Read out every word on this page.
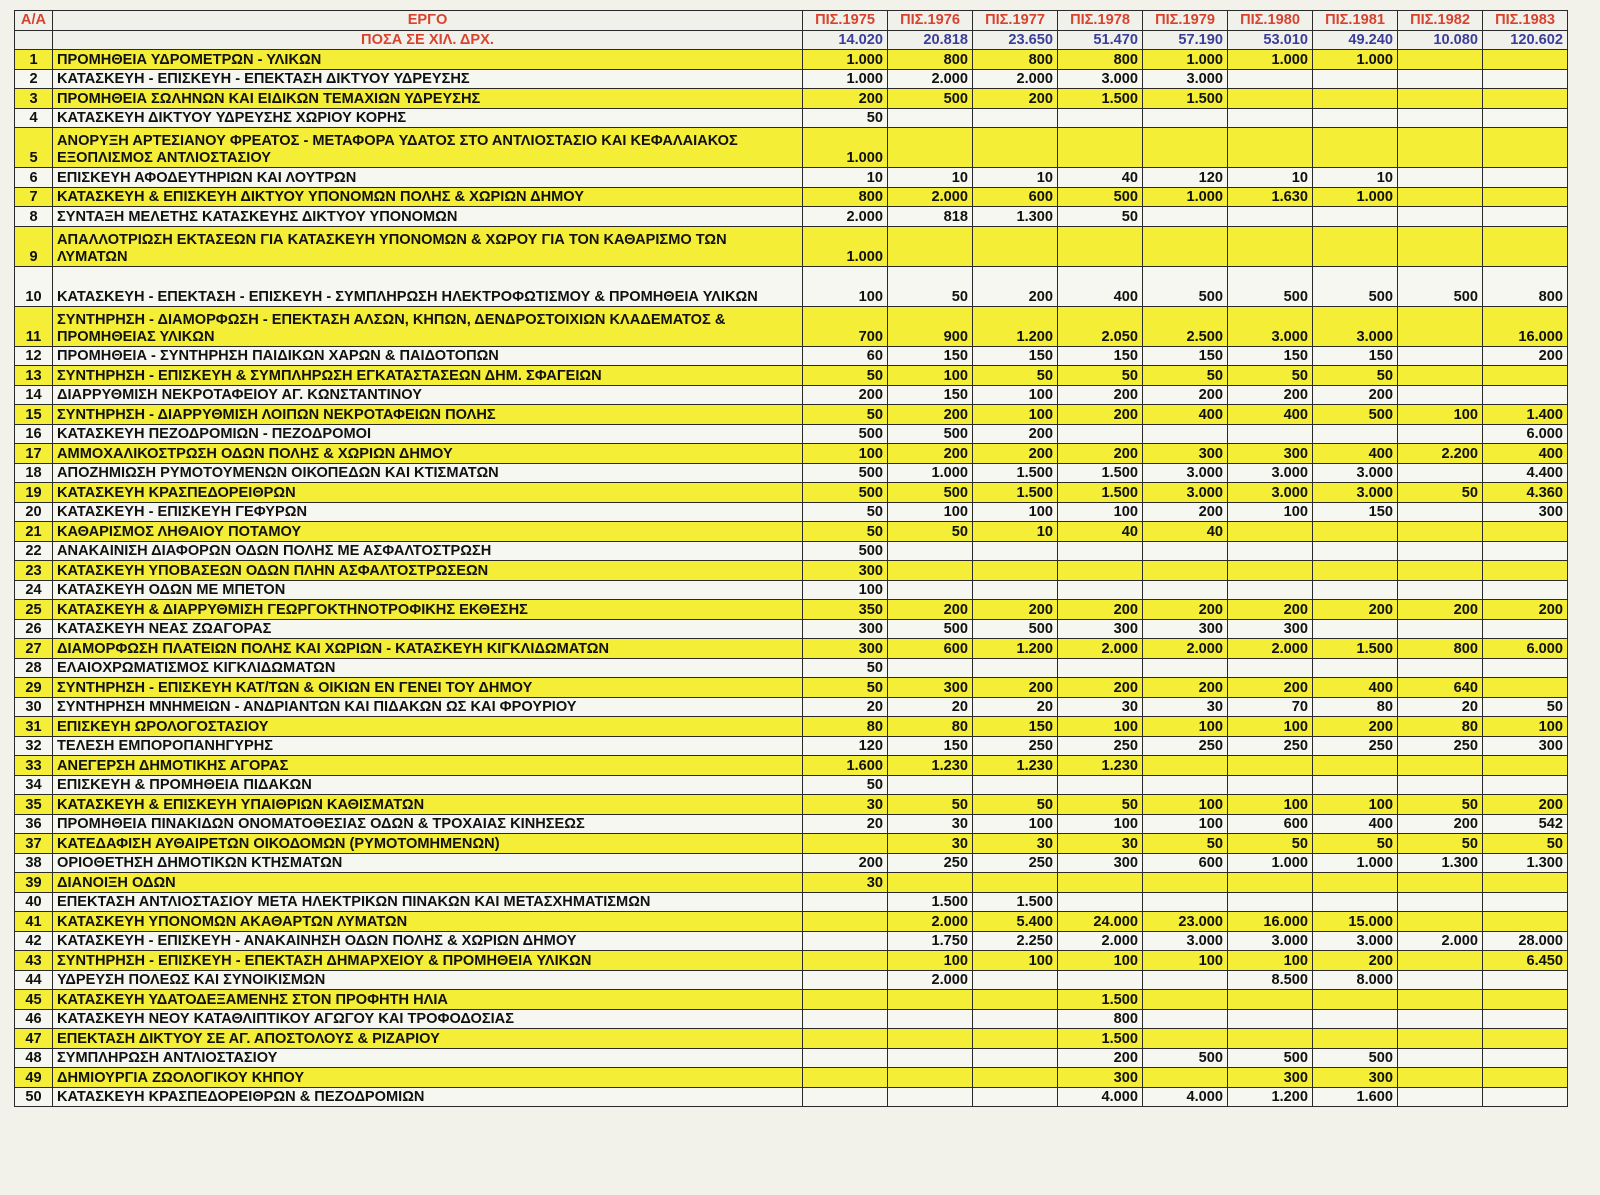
Α/Α	ΕΡΓΟ	ΠΙΣ.1975	ΠΙΣ.1976	ΠΙΣ.1977	ΠΙΣ.1978	ΠΙΣ.1979	ΠΙΣ.1980	ΠΙΣ.1981	ΠΙΣ.1982	ΠΙΣ.1983
	ΠΟΣΑ ΣΕ ΧΙΛ. ΔΡΧ.	14.020	20.818	23.650	51.470	57.190	53.010	49.240	10.080	120.602
1	ΠΡΟΜΗΘΕΙΑ ΥΔΡΟΜΕΤΡΩΝ - ΥΛΙΚΩΝ	1.000	800	800	800	1.000	1.000	1.000		
2	ΚΑΤΑΣΚΕΥΗ - ΕΠΙΣΚΕΥΗ - ΕΠΕΚΤΑΣΗ ΔΙΚΤΥΟΥ ΥΔΡΕΥΣΗΣ	1.000	2.000	2.000	3.000	3.000				
3	ΠΡΟΜΗΘΕΙΑ ΣΩΛΗΝΩΝ ΚΑΙ ΕΙΔΙΚΩΝ ΤΕΜΑΧΙΩΝ ΥΔΡΕΥΣΗΣ	200	500	200	1.500	1.500				
4	ΚΑΤΑΣΚΕΥΗ ΔΙΚΤΥΟΥ ΥΔΡΕΥΣΗΣ ΧΩΡΙΟΥ ΚΟΡΗΣ	50								
5	ΑΝΟΡΥΞΗ ΑΡΤΕΣΙΑΝΟΥ ΦΡΕΑΤΟΣ - ΜΕΤΑΦΟΡΑ ΥΔΑΤΟΣ ΣΤΟ ΑΝΤΛΙΟΣΤΑΣΙΟ ΚΑΙ ΚΕΦΑΛΑΙΑΚΟΣ ΕΞΟΠΛΙΣΜΟΣ ΑΝΤΛΙΟΣΤΑΣΙΟΥ	1.000								
6	ΕΠΙΣΚΕΥΗ ΑΦΟΔΕΥΤΗΡΙΩΝ ΚΑΙ ΛΟΥΤΡΩΝ	10	10	10	40	120	10	10		
7	ΚΑΤΑΣΚΕΥΗ & ΕΠΙΣΚΕΥΗ ΔΙΚΤΥΟΥ ΥΠΟΝΟΜΩΝ ΠΟΛΗΣ & ΧΩΡΙΩΝ ΔΗΜΟΥ	800	2.000	600	500	1.000	1.630	1.000		
8	ΣΥΝΤΑΞΗ ΜΕΛΕΤΗΣ ΚΑΤΑΣΚΕΥΗΣ ΔΙΚΤΥΟΥ ΥΠΟΝΟΜΩΝ	2.000	818	1.300	50					
9	ΑΠΑΛΛΟΤΡΙΩΣΗ ΕΚΤΑΣΕΩΝ ΓΙΑ ΚΑΤΑΣΚΕΥΗ ΥΠΟΝΟΜΩΝ & ΧΩΡΟΥ ΓΙΑ ΤΟΝ ΚΑΘΑΡΙΣΜΟ ΤΩΝ ΛΥΜΑΤΩΝ	1.000								
10	ΚΑΤΑΣΚΕΥΗ - ΕΠΕΚΤΑΣΗ - ΕΠΙΣΚΕΥΗ - ΣΥΜΠΛΗΡΩΣΗ ΗΛΕΚΤΡΟΦΩΤΙΣΜΟΥ & ΠΡΟΜΗΘΕΙΑ ΥΛΙΚΩΝ	100	50	200	400	500	500	500	500	800
11	ΣΥΝΤΗΡΗΣΗ - ΔΙΑΜΟΡΦΩΣΗ - ΕΠΕΚΤΑΣΗ ΑΛΣΩΝ, ΚΗΠΩΝ, ΔΕΝΔΡΟΣΤΟΙΧΙΩΝ ΚΛΑΔΕΜΑΤΟΣ & ΠΡΟΜΗΘΕΙΑΣ ΥΛΙΚΩΝ	700	900	1.200	2.050	2.500	3.000	3.000		16.000
12	ΠΡΟΜΗΘΕΙΑ - ΣΥΝΤΗΡΗΣΗ ΠΑΙΔΙΚΩΝ ΧΑΡΩΝ & ΠΑΙΔΟΤΟΠΩΝ	60	150	150	150	150	150	150		200
13	ΣΥΝΤΗΡΗΣΗ - ΕΠΙΣΚΕΥΗ & ΣΥΜΠΛΗΡΩΣΗ ΕΓΚΑΤΑΣΤΑΣΕΩΝ ΔΗΜ. ΣΦΑΓΕΙΩΝ	50	100	50	50	50	50	50		
14	ΔΙΑΡΡΥΘΜΙΣΗ ΝΕΚΡΟΤΑΦΕΙΟΥ ΑΓ. ΚΩΝΣΤΑΝΤΙΝΟΥ	200	150	100	200	200	200	200		
15	ΣΥΝΤΗΡΗΣΗ - ΔΙΑΡΡΥΘΜΙΣΗ ΛΟΙΠΩΝ ΝΕΚΡΟΤΑΦΕΙΩΝ ΠΟΛΗΣ	50	200	100	200	400	400	500	100	1.400
16	ΚΑΤΑΣΚΕΥΗ ΠΕΖΟΔΡΟΜΙΩΝ - ΠΕΖΟΔΡΟΜΟΙ	500	500	200						6.000
17	ΑΜΜΟΧΑΛΙΚΟΣΤΡΩΣΗ ΟΔΩΝ ΠΟΛΗΣ & ΧΩΡΙΩΝ ΔΗΜΟΥ	100	200	200	200	300	300	400	2.200	400
18	ΑΠΟΖΗΜΙΩΣΗ ΡΥΜΟΤΟΥΜΕΝΩΝ ΟΙΚΟΠΕΔΩΝ ΚΑΙ ΚΤΙΣΜΑΤΩΝ	500	1.000	1.500	1.500	3.000	3.000	3.000		4.400
19	ΚΑΤΑΣΚΕΥΗ ΚΡΑΣΠΕΔΟΡΕΙΘΡΩΝ	500	500	1.500	1.500	3.000	3.000	3.000	50	4.360
20	ΚΑΤΑΣΚΕΥΗ - ΕΠΙΣΚΕΥΗ ΓΕΦΥΡΩΝ	50	100	100	100	200	100	150		300
21	ΚΑΘΑΡΙΣΜΟΣ ΛΗΘΑΙΟΥ ΠΟΤΑΜΟΥ	50	50	10	40	40				
22	ΑΝΑΚΑΙΝΙΣΗ ΔΙΑΦΟΡΩΝ ΟΔΩΝ ΠΟΛΗΣ ΜΕ ΑΣΦΑΛΤΟΣΤΡΩΣΗ	500								
23	ΚΑΤΑΣΚΕΥΗ ΥΠΟΒΑΣΕΩΝ ΟΔΩΝ ΠΛΗΝ ΑΣΦΑΛΤΟΣΤΡΩΣΕΩΝ	300								
24	ΚΑΤΑΣΚΕΥΗ ΟΔΩΝ ΜΕ ΜΠΕΤΟΝ	100								
25	ΚΑΤΑΣΚΕΥΗ & ΔΙΑΡΡΥΘΜΙΣΗ ΓΕΩΡΓΟΚΤΗΝΟΤΡΟΦΙΚΗΣ ΕΚΘΕΣΗΣ	350	200	200	200	200	200	200	200	200
26	ΚΑΤΑΣΚΕΥΗ ΝΕΑΣ ΖΩΑΓΟΡΑΣ	300	500	500	300	300	300			
27	ΔΙΑΜΟΡΦΩΣΗ ΠΛΑΤΕΙΩΝ ΠΟΛΗΣ ΚΑΙ ΧΩΡΙΩΝ - ΚΑΤΑΣΚΕΥΗ ΚΙΓΚΛΙΔΩΜΑΤΩΝ	300	600	1.200	2.000	2.000	2.000	1.500	800	6.000
28	ΕΛΑΙΟΧΡΩΜΑΤΙΣΜΟΣ ΚΙΓΚΛΙΔΩΜΑΤΩΝ	50								
29	ΣΥΝΤΗΡΗΣΗ - ΕΠΙΣΚΕΥΗ ΚΑΤ/ΤΩΝ & ΟΙΚΙΩΝ ΕΝ ΓΕΝΕΙ ΤΟΥ ΔΗΜΟΥ	50	300	200	200	200	200	400	640	
30	ΣΥΝΤΗΡΗΣΗ ΜΝΗΜΕΙΩΝ - ΑΝΔΡΙΑΝΤΩΝ ΚΑΙ ΠΙΔΑΚΩΝ ΩΣ ΚΑΙ ΦΡΟΥΡΙΟΥ	20	20	20	30	30	70	80	20	50
31	ΕΠΙΣΚΕΥΗ ΩΡΟΛΟΓΟΣΤΑΣΙΟΥ	80	80	150	100	100	100	200	80	100
32	ΤΕΛΕΣΗ ΕΜΠΟΡΟΠΑΝΗΓΥΡΗΣ	120	150	250	250	250	250	250	250	300
33	ΑΝΕΓΕΡΣΗ ΔΗΜΟΤΙΚΗΣ ΑΓΟΡΑΣ	1.600	1.230	1.230	1.230					
34	ΕΠΙΣΚΕΥΗ & ΠΡΟΜΗΘΕΙΑ ΠΙΔΑΚΩΝ	50								
35	ΚΑΤΑΣΚΕΥΗ & ΕΠΙΣΚΕΥΗ ΥΠΑΙΘΡΙΩΝ ΚΑΘΙΣΜΑΤΩΝ	30	50	50	50	100	100	100	50	200
36	ΠΡΟΜΗΘΕΙΑ ΠΙΝΑΚΙΔΩΝ ΟΝΟΜΑΤΟΘΕΣΙΑΣ ΟΔΩΝ & ΤΡΟΧΑΙΑΣ ΚΙΝΗΣΕΩΣ	20	30	100	100	100	600	400	200	542
37	ΚΑΤΕΔΑΦΙΣΗ ΑΥΘΑΙΡΕΤΩΝ ΟΙΚΟΔΟΜΩΝ (ΡΥΜΟΤΟΜΗΜΕΝΩΝ)		30	30	30	50	50	50	50	50
38	ΟΡΙΟΘΕΤΗΣΗ ΔΗΜΟΤΙΚΩΝ ΚΤΗΣΜΑΤΩΝ	200	250	250	300	600	1.000	1.000	1.300	1.300
39	ΔΙΑΝΟΙΞΗ ΟΔΩΝ	30								
40	ΕΠΕΚΤΑΣΗ ΑΝΤΛΙΟΣΤΑΣΙΟΥ ΜΕΤΑ ΗΛΕΚΤΡΙΚΩΝ ΠΙΝΑΚΩΝ ΚΑΙ ΜΕΤΑΣΧΗΜΑΤΙΣΜΩΝ		1.500	1.500						
41	ΚΑΤΑΣΚΕΥΗ ΥΠΟΝΟΜΩΝ ΑΚΑΘΑΡΤΩΝ ΛΥΜΑΤΩΝ		2.000	5.400	24.000	23.000	16.000	15.000		
42	ΚΑΤΑΣΚΕΥΗ - ΕΠΙΣΚΕΥΗ - ΑΝΑΚΑΙΝΗΣΗ ΟΔΩΝ ΠΟΛΗΣ & ΧΩΡΙΩΝ ΔΗΜΟΥ		1.750	2.250	2.000	3.000	3.000	3.000	2.000	28.000
43	ΣΥΝΤΗΡΗΣΗ - ΕΠΙΣΚΕΥΗ - ΕΠΕΚΤΑΣΗ ΔΗΜΑΡΧΕΙΟΥ & ΠΡΟΜΗΘΕΙΑ ΥΛΙΚΩΝ		100	100	100	100	100	200		6.450
44	ΥΔΡΕΥΣΗ ΠΟΛΕΩΣ ΚΑΙ ΣΥΝΟΙΚΙΣΜΩΝ		2.000				8.500	8.000		
45	ΚΑΤΑΣΚΕΥΗ ΥΔΑΤΟΔΕΞΑΜΕΝΗΣ ΣΤΟΝ ΠΡΟΦΗΤΗ ΗΛΙΑ				1.500					
46	ΚΑΤΑΣΚΕΥΗ ΝΕΟΥ ΚΑΤΑΘΛΙΠΤΙΚΟΥ ΑΓΩΓΟΥ ΚΑΙ ΤΡΟΦΟΔΟΣΙΑΣ				800					
47	ΕΠΕΚΤΑΣΗ ΔΙΚΤΥΟΥ ΣΕ ΑΓ. ΑΠΟΣΤΟΛΟΥΣ & ΡΙΖΑΡΙΟΥ				1.500					
48	ΣΥΜΠΛΗΡΩΣΗ ΑΝΤΛΙΟΣΤΑΣΙΟΥ				200	500	500	500		
49	ΔΗΜΙΟΥΡΓΙΑ ΖΩΟΛΟΓΙΚΟΥ ΚΗΠΟΥ				300		300	300		
50	ΚΑΤΑΣΚΕΥΗ ΚΡΑΣΠΕΔΟΡΕΙΘΡΩΝ & ΠΕΖΟΔΡΟΜΙΩΝ				4.000	4.000	1.200	1.600		
